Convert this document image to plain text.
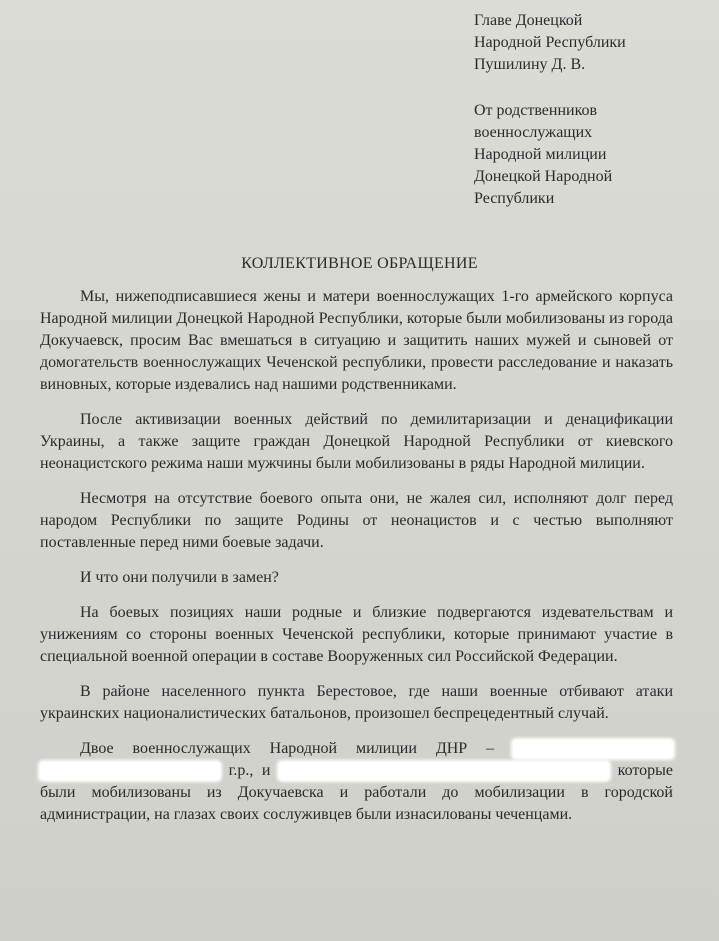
Главе Донецкой
Народной Республики
Пушилину Д. В.
От родственников
военнослужащих
Народной милиции
Донецкой Народной
Республики
КОЛЛЕКТИВНОЕ ОБРАЩЕНИЕ

Мы, нижеподписавшиеся жены и матери военнослужащих 1-го армейского корпуса Народной милиции Донецкой Народной Республики, которые были мобилизованы из города Докучаевск, просим Вас вмешаться в ситуацию и защитить наших мужей и сыновей от домогательств военнослужащих Чеченской республики, провести расследование и наказать виновных, которые издевались над нашими родственниками.

После активизации военных действий по демилитаризации и денацификации Украины, а также защите граждан Донецкой Народной Республики от киевского неонацистского режима наши мужчины были мобилизованы в ряды Народной милиции.

Несмотря на отсутствие боевого опыта они, не жалея сил, исполняют долг перед народом Республики по защите Родины от неонацистов и с честью выполняют поставленные перед ними боевые задачи.

И что они получили в замен?

На боевых позициях наши родные и близкие подвергаются издевательствам и унижениям со стороны военных Чеченской республики, которые принимают участие в специальной военной операции в составе Вооруженных сил Российской Федерации.

В районе населенного пункта Берестовое, где наши военные отбивают атаки украинских националистических батальонов, произошел беспрецедентный случай.

Двое военнослужащих Народной милиции ДНР –   г.р., и	которые были мобилизованы из Докучаевска и работали до мобилизации в городской администрации, на глазах своих сослуживцев были изнасилованы чеченцами.
